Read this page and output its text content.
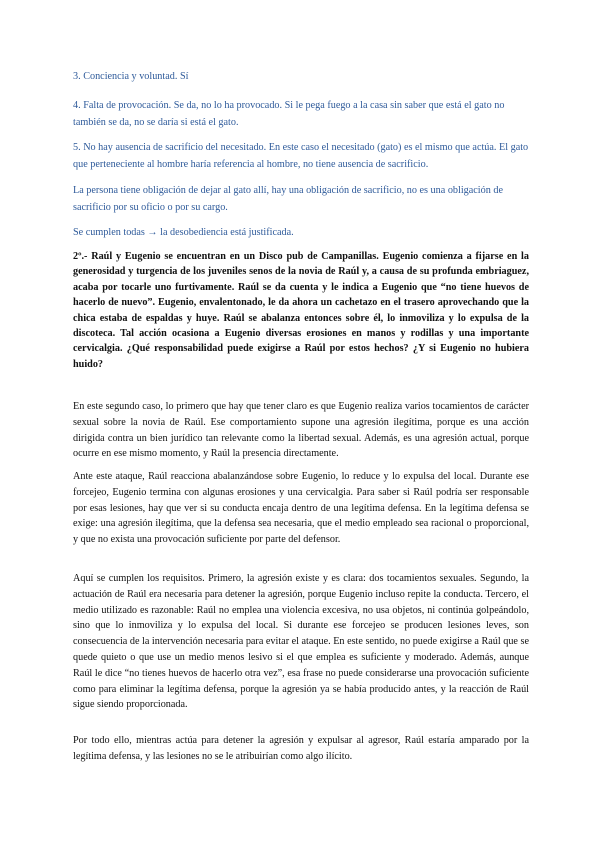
3. Conciencia y voluntad. Sí

4. Falta de provocación. Se da, no lo ha provocado. Si le pega fuego a la casa sin saber que está el gato no también se da, no se daría si está el gato.

5. No hay ausencia de sacrificio del necesitado. En este caso el necesitado (gato) es el mismo que actúa. El gato que perteneciente al hombre haría referencia al hombre, no tiene ausencia de sacrificio.

La persona tiene obligación de dejar al gato allí, hay una obligación de sacrificio, no es una obligación de sacrificio por su oficio o por su cargo.

Se cumplen todas → la desobediencia está justificada.

2º.- Raúl y Eugenio se encuentran en un Disco pub de Campanillas. Eugenio comienza a fijarse en la generosidad y turgencia de los juveniles senos de la novia de Raúl y, a causa de su profunda embriaguez, acaba por tocarle uno furtivamente. Raúl se da cuenta y le indica a Eugenio que “no tiene huevos de hacerlo de nuevo”. Eugenio, envalentonado, le da ahora un cachetazo en el trasero aprovechando que la chica estaba de espaldas y huye. Raúl se abalanza entonces sobre él, lo inmoviliza y lo expulsa de la discoteca. Tal acción ocasiona a Eugenio diversas erosiones en manos y rodillas y una importante cervicalgia. ¿Qué responsabilidad puede exigirse a Raúl por estos hechos? ¿Y si Eugenio no hubiera huido?

En este segundo caso, lo primero que hay que tener claro es que Eugenio realiza varios tocamientos de carácter sexual sobre la novia de Raúl. Ese comportamiento supone una agresión ilegítima, porque es una acción dirigida contra un bien jurídico tan relevante como la libertad sexual. Además, es una agresión actual, porque ocurre en ese mismo momento, y Raúl la presencia directamente.

Ante este ataque, Raúl reacciona abalanzándose sobre Eugenio, lo reduce y lo expulsa del local. Durante ese forcejeo, Eugenio termina con algunas erosiones y una cervicalgia. Para saber si Raúl podría ser responsable por esas lesiones, hay que ver si su conducta encaja dentro de una legítima defensa. En la legítima defensa se exige: una agresión ilegítima, que la defensa sea necesaria, que el medio empleado sea racional o proporcional, y que no exista una provocación suficiente por parte del defensor.

Aquí se cumplen los requisitos. Primero, la agresión existe y es clara: dos tocamientos sexuales. Segundo, la actuación de Raúl era necesaria para detener la agresión, porque Eugenio incluso repite la conducta. Tercero, el medio utilizado es razonable: Raúl no emplea una violencia excesiva, no usa objetos, ni continúa golpeándolo, sino que lo inmoviliza y lo expulsa del local. Si durante ese forcejeo se producen lesiones leves, son consecuencia de la intervención necesaria para evitar el ataque. En este sentido, no puede exigirse a Raúl que se quede quieto o que use un medio menos lesivo si el que emplea es suficiente y moderado. Además, aunque Raúl le dice “no tienes huevos de hacerlo otra vez”, esa frase no puede considerarse una provocación suficiente como para eliminar la legítima defensa, porque la agresión ya se había producido antes, y la reacción de Raúl sigue siendo proporcionada.

Por todo ello, mientras actúa para detener la agresión y expulsar al agresor, Raúl estaría amparado por la legítima defensa, y las lesiones no se le atribuirían como algo ilícito.
